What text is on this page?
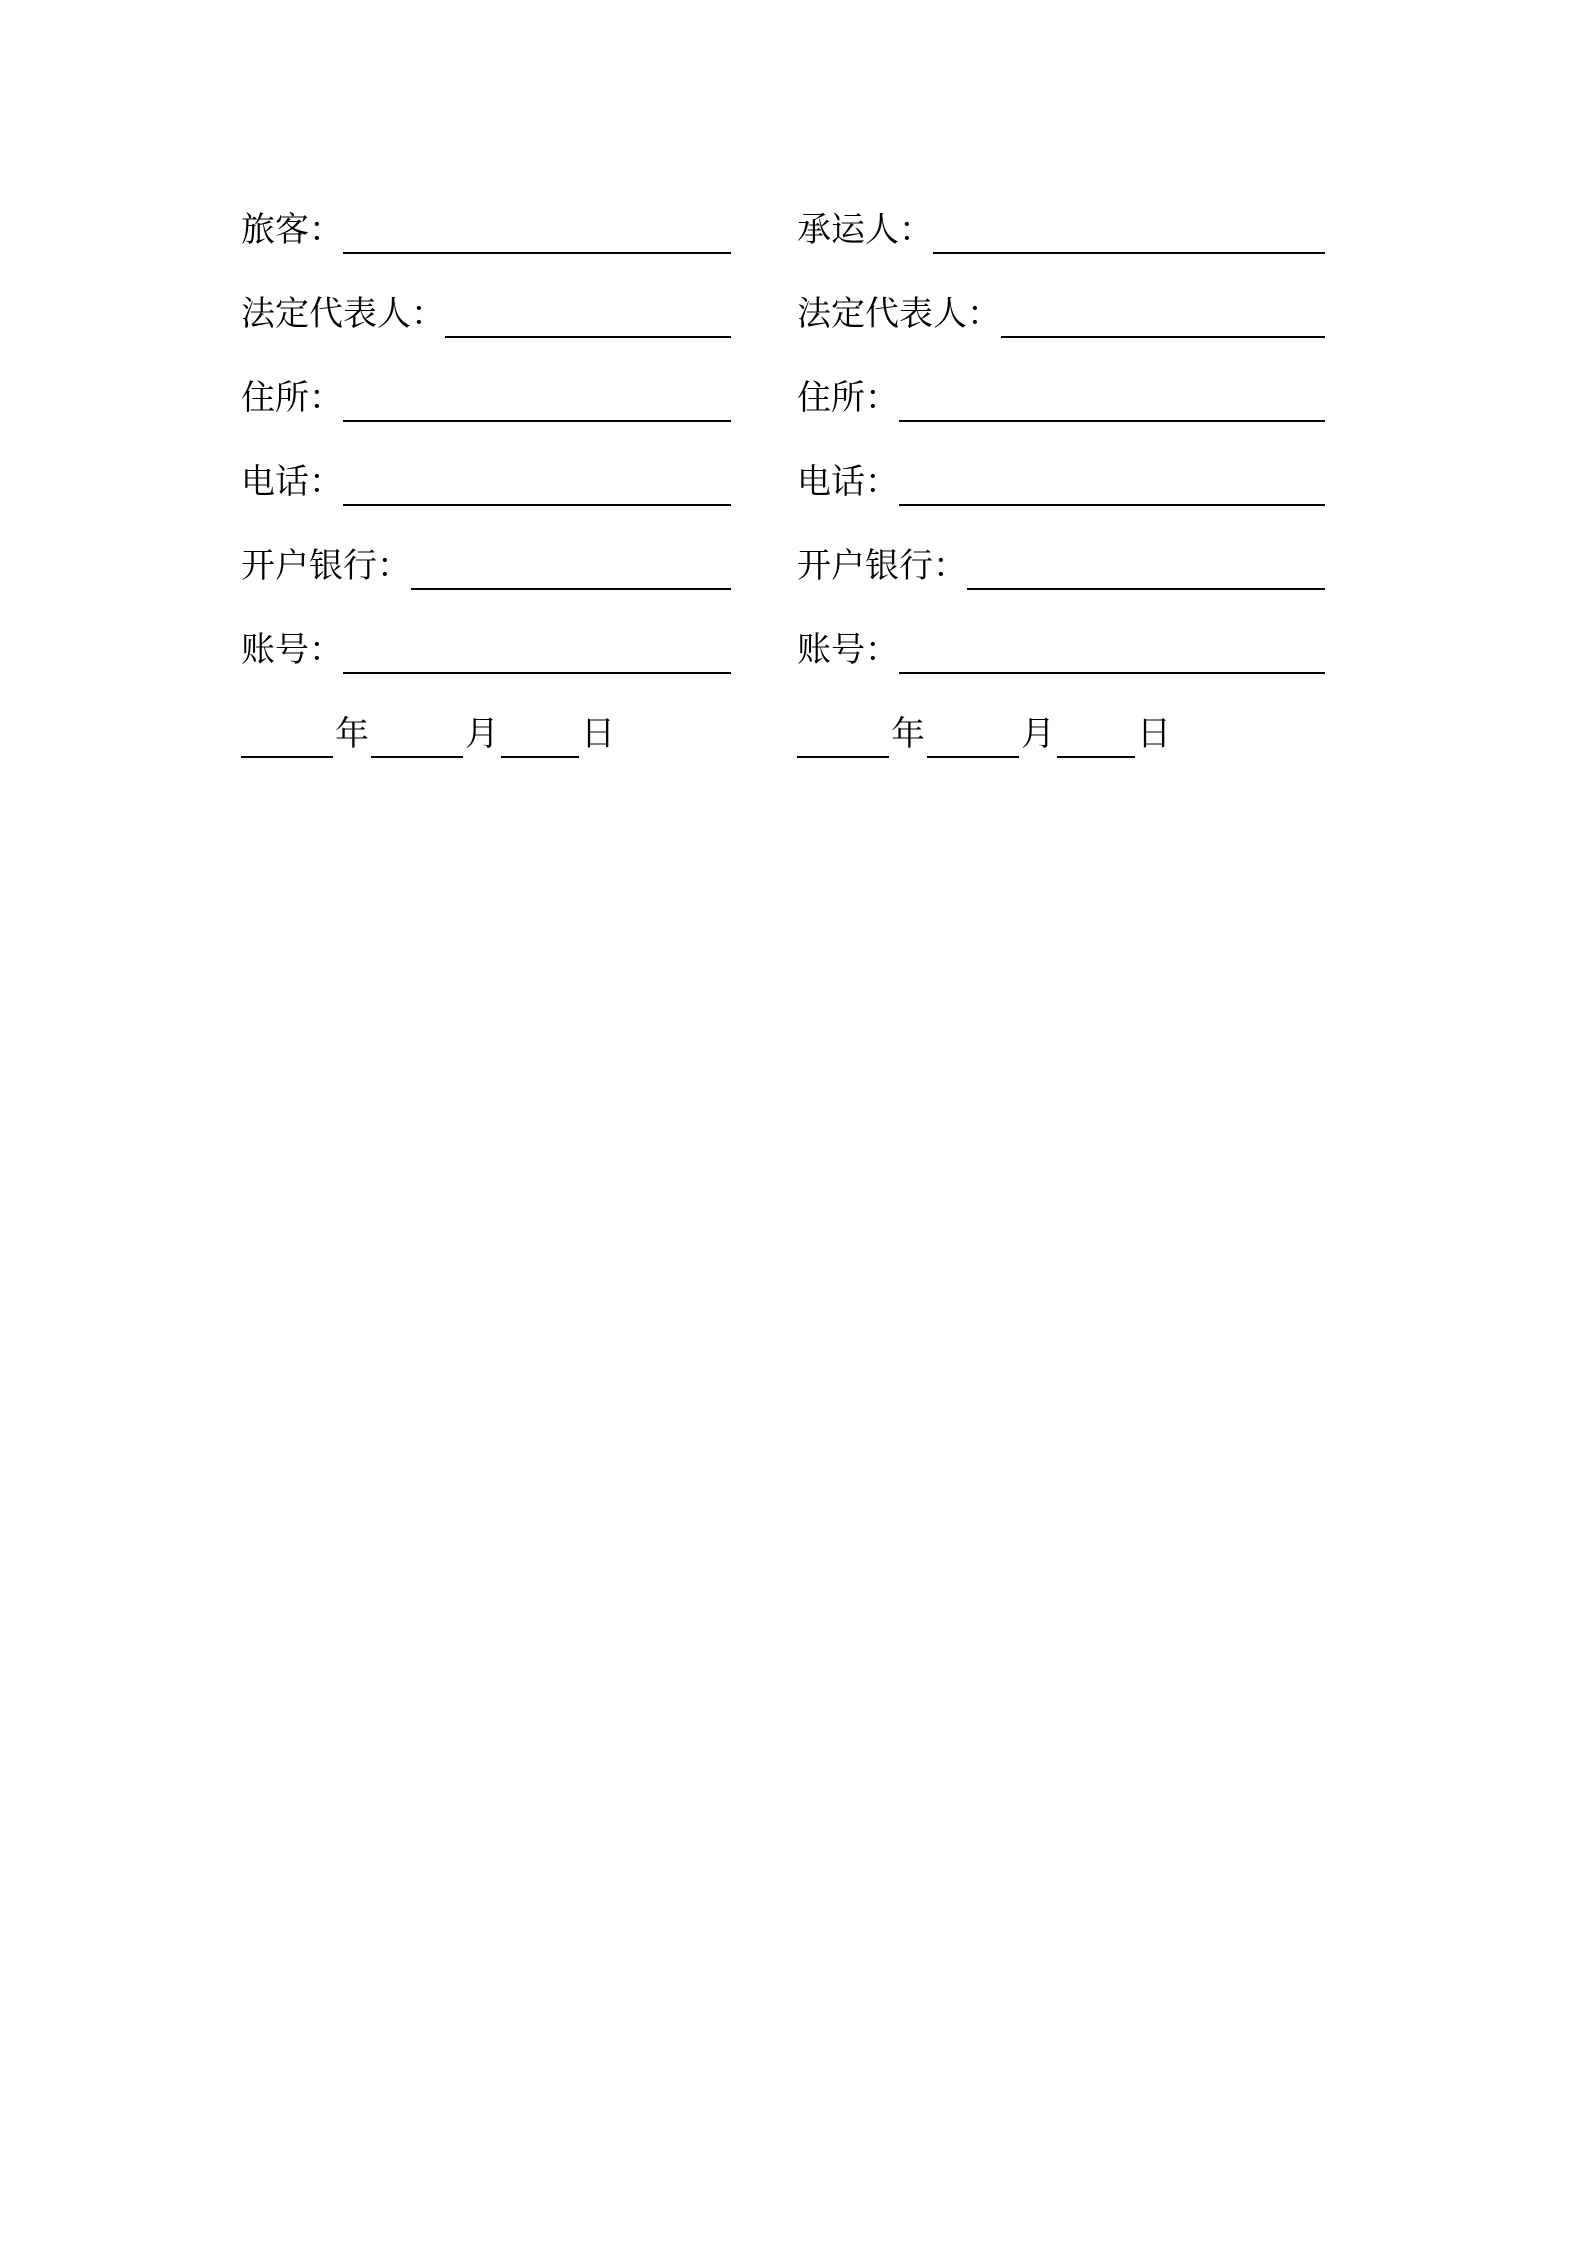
旅客：
法定代表人：
住所：
电话：
开户银行：
账号：
年	月 日
承运人：
法定代表人：
住所：
电话：
开户银行：
账号：
年	月 日
